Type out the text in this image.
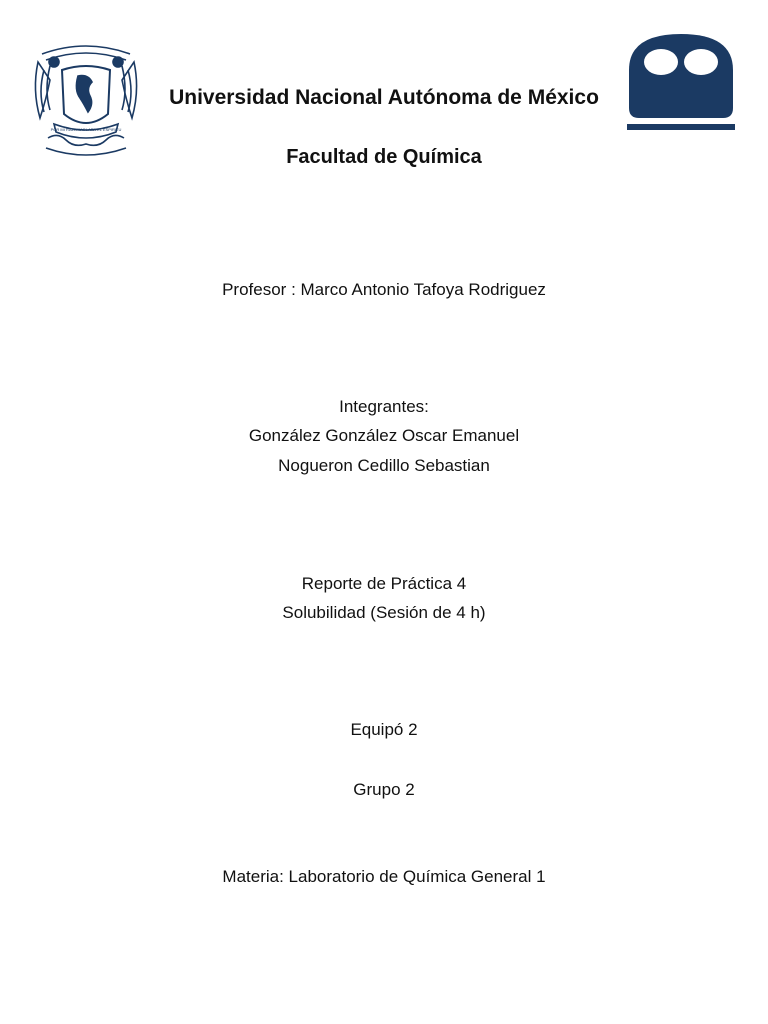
POR MI RAZA HABLARA EL ESPIRITU
Universidad Nacional Autónoma de México
Facultad de Química
Profesor : Marco Antonio Tafoya Rodriguez
Integrantes:
González González Oscar Emanuel
Nogueron Cedillo Sebastian
Reporte de Práctica 4
Solubilidad (Sesión de 4 h)
Equipó 2
Grupo 2
Materia: Laboratorio de Química General 1
